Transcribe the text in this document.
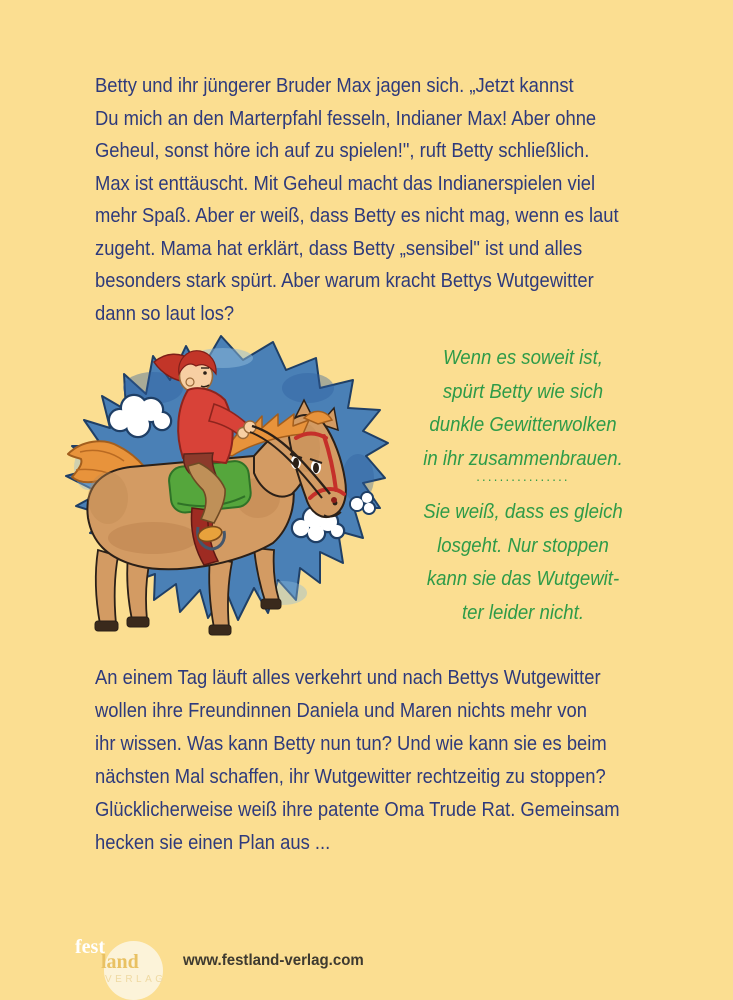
Betty und ihr jüngerer Bruder Max jagen sich. „Jetzt kannst
Du mich an den Marterpfahl fesseln, Indianer Max! Aber ohne
Geheul, sonst höre ich auf zu spielen!", ruft Betty schließlich.
Max ist enttäuscht. Mit Geheul macht das Indianerspielen viel
mehr Spaß. Aber er weiß, dass Betty es nicht mag, wenn es laut
zugeht. Mama hat erklärt, dass Betty „sensibel" ist und alles
besonders stark spürt. Aber warum kracht Bettys Wutgewitter
dann so laut los?
Wenn es soweit ist,
spürt Betty wie sich
dunkle Gewitterwolken
in ihr zusammenbrauen.
................
Sie weiß, dass es gleich
losgeht. Nur stoppen
kann sie das Wutgewit-
ter leider nicht.
An einem Tag läuft alles verkehrt und nach Bettys Wutgewitter
wollen ihre Freundinnen Daniela und Maren nichts mehr von
ihr wissen. Was kann Betty nun tun? Und wie kann sie es beim
nächsten Mal schaffen, ihr Wutgewitter rechtzeitig zu stoppen?
Glücklicherweise weiß ihre patente Oma Trude Rat. Gemeinsam
hecken sie einen Plan aus ...
fest
land
VERLAG
www.festland-verlag.com
